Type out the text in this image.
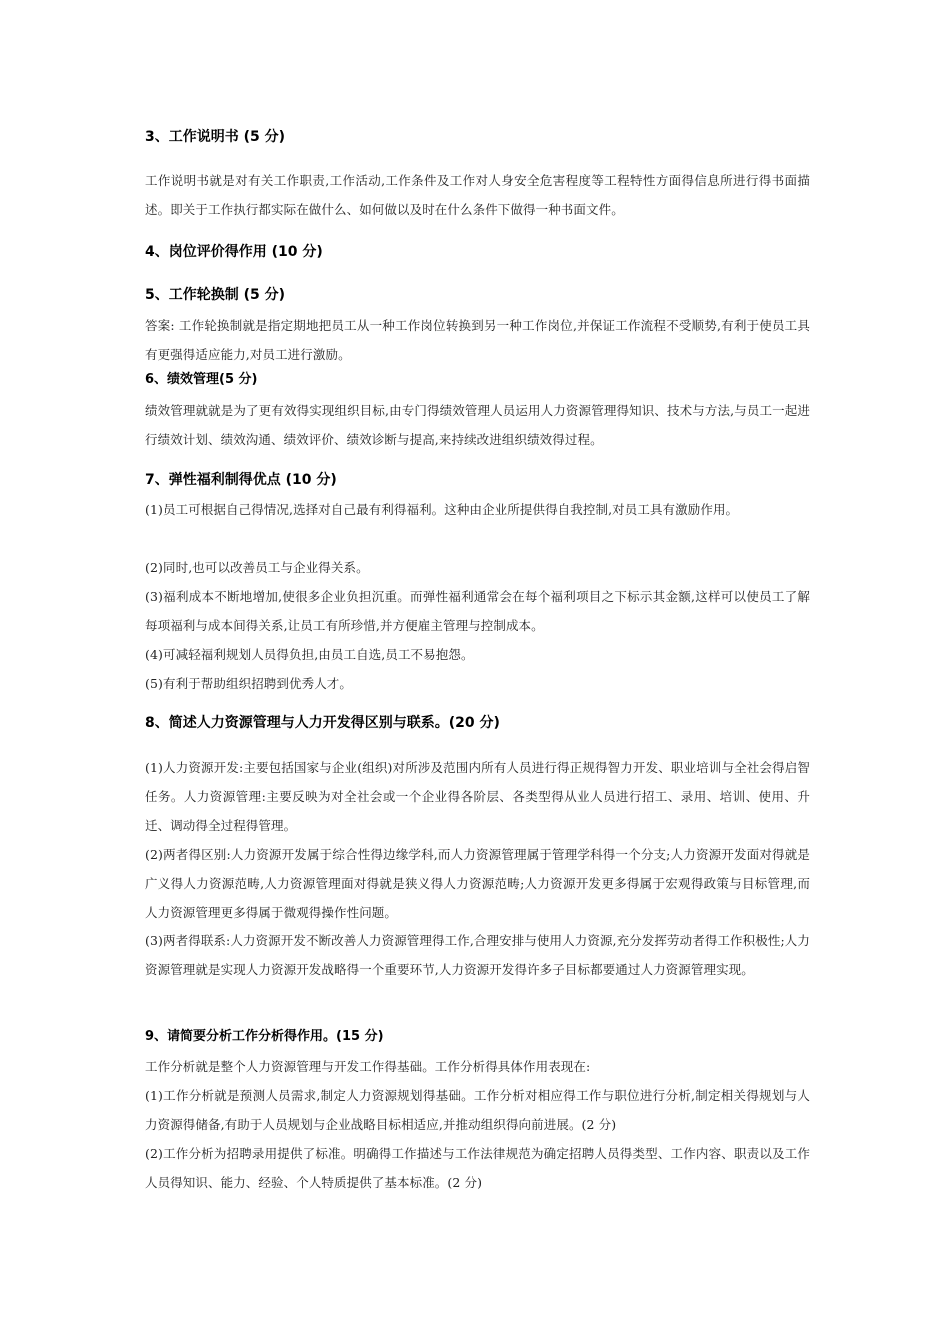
3、工作说明书 (5 分)

工作说明书就是对有关工作职责,工作活动,工作条件及工作对人身安全危害程度等工程特性方面得信息所进行得书面描述。即关于工作执行都实际在做什么、如何做以及时在什么条件下做得一种书面文件。

4、岗位评价得作用 (10 分)
5、工作轮换制 (5 分)

答案: 工作轮换制就是指定期地把员工从一种工作岗位转换到另一种工作岗位,并保证工作流程不受顺势,有利于使员工具有更强得适应能力,对员工进行激励。

6、绩效管理(5 分)

绩效管理就就是为了更有效得实现组织目标,由专门得绩效管理人员运用人力资源管理得知识、技术与方法,与员工一起进行绩效计划、绩效沟通、绩效评价、绩效诊断与提高,来持续改进组织绩效得过程。

7、弹性福利制得优点 (10 分)

(1)员工可根据自己得情况,选择对自己最有利得福利。这种由企业所提供得自我控制,对员工具有激励作用。

(2)同时,也可以改善员工与企业得关系。

(3)福利成本不断地增加,使很多企业负担沉重。而弹性福利通常会在每个福利项目之下标示其金额,这样可以使员工了解每项福利与成本间得关系,让员工有所珍惜,并方便雇主管理与控制成本。

(4)可减轻福利规划人员得负担,由员工自选,员工不易抱怨。

(5)有利于帮助组织招聘到优秀人才。

8、简述人力资源管理与人力开发得区别与联系。(20 分)

(1)人力资源开发:主要包括国家与企业(组织)对所涉及范围内所有人员进行得正规得智力开发、职业培训与全社会得启智任务。人力资源管理:主要反映为对全社会或一个企业得各阶层、各类型得从业人员进行招工、录用、培训、使用、升迁、调动得全过程得管理。

(2)两者得区别:人力资源开发属于综合性得边缘学科,而人力资源管理属于管理学科得一个分支;人力资源开发面对得就是广义得人力资源范畴,人力资源管理面对得就是狭义得人力资源范畴;人力资源开发更多得属于宏观得政策与目标管理,而人力资源管理更多得属于微观得操作性问题。

(3)两者得联系:人力资源开发不断改善人力资源管理得工作,合理安排与使用人力资源,充分发挥劳动者得工作积极性;人力资源管理就是实现人力资源开发战略得一个重要环节,人力资源开发得许多子目标都要通过人力资源管理实现。

9、请简要分析工作分析得作用。(15 分)

工作分析就是整个人力资源管理与开发工作得基础。工作分析得具体作用表现在:

(1)工作分析就是预测人员需求,制定人力资源规划得基础。工作分析对相应得工作与职位进行分析,制定相关得规划与人力资源得储备,有助于人员规划与企业战略目标相适应,并推动组织得向前进展。(2 分)

(2)工作分析为招聘录用提供了标准。明确得工作描述与工作法律规范为确定招聘人员得类型、工作内容、职责以及工作人员得知识、能力、经验、个人特质提供了基本标准。(2 分)
